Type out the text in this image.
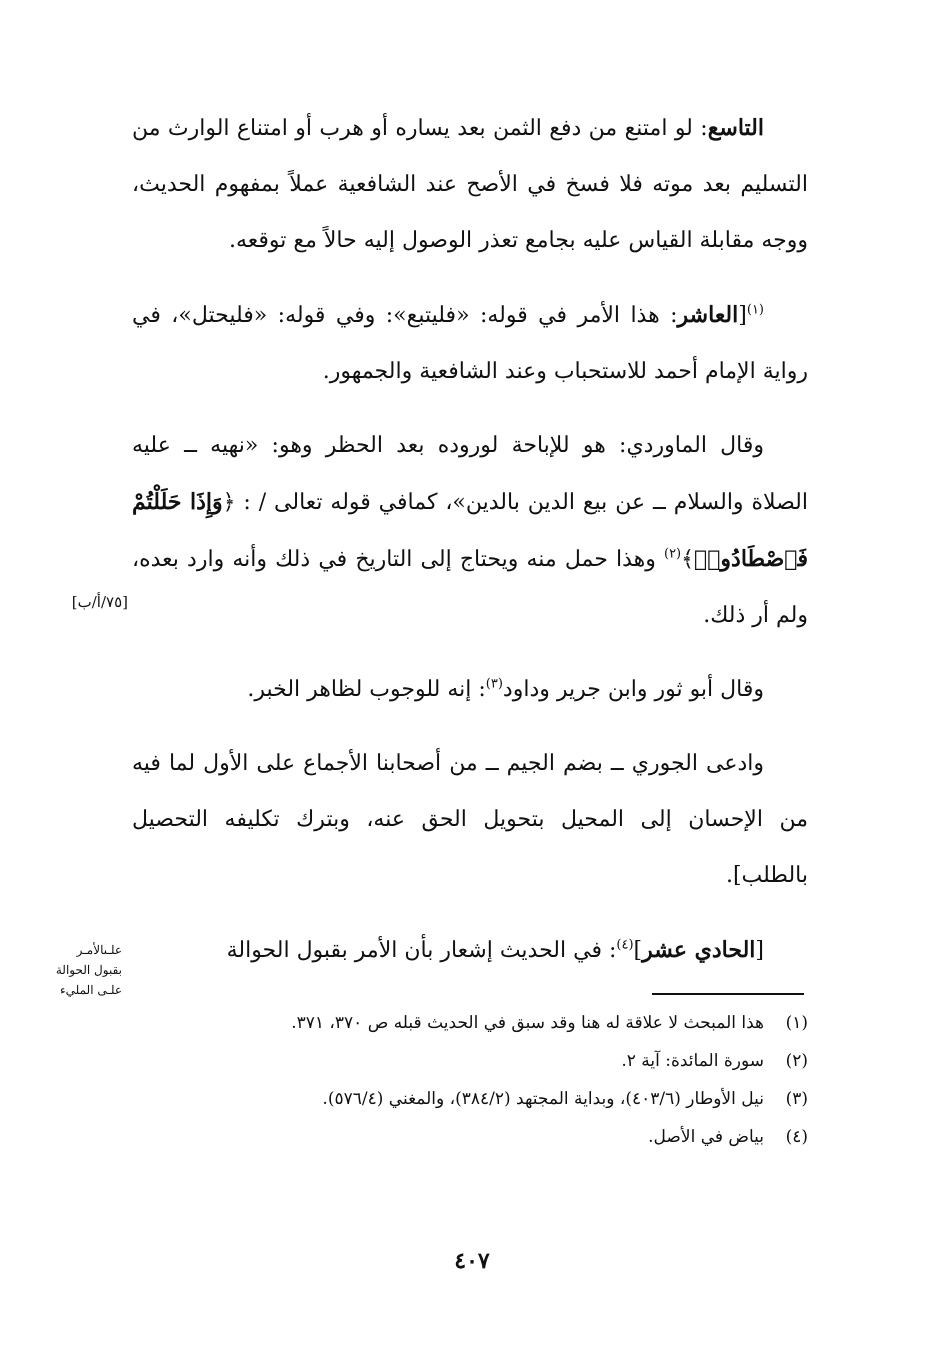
التاسع: لو امتنع من دفع الثمن بعد يساره أو هرب أو امتناع الوارث من التسليم بعد موته فلا فسخ في الأصح عند الشافعية عملاً بمفهوم الحديث، ووجه مقابلة القياس عليه بجامع تعذر الوصول إليه حالاً مع توقعه.

$^{(١)}$[العاشر: هذا الأمر في قوله: «فليتبع»: وفي قوله: «فليحتل»، في رواية الإمام أحمد للاستحباب وعند الشافعية والجمهور.

وقال الماوردي: هو للإباحة لوروده بعد الحظر وهو: «نهيه ــ عليه الصلاة والسلام ــ عن بيع الدين بالدين»، كمافي قوله تعالى / : ﴿وَإِذَا حَلَلْتُمْ فَٱصْطَادُوا۟﴾$^{(٢)}$ وهذا حمل منه ويحتاج إلى التاريخ في ذلك وأنه وارد بعده، ولم أر ذلك.

وقال أبو ثور وابن جرير وداود$^{(٣)}$: إنه للوجوب لظاهر الخبر.

وادعى الجوري ــ بضم الجيم ــ من أصحابنا الأجماع على الأول لما فيه من الإحسان إلى المحيل بتحويل الحق عنه، وبترك تكليفه التحصيل بالطلب].

[الحادي عشر]$^{(٤)}$: في الحديث إشعار بأن الأمر بقبول الحوالة

[٧٥/أ/ب]
علـىالأمـر
بقبول الحوالة
علـى المليء
(١)
هذا المبحث لا علاقة له هنا وقد سبق في الحديث قبله ص ٣٧٠، ٣٧١.
(٢)
سورة المائدة: آية ٢.
(٣)
نيل الأوطار (٤٠٣/٦)، وبداية المجتهد (٣٨٤/٢)، والمغني (٥٧٦/٤).
(٤)
بياض في الأصل.
٤٠٧
